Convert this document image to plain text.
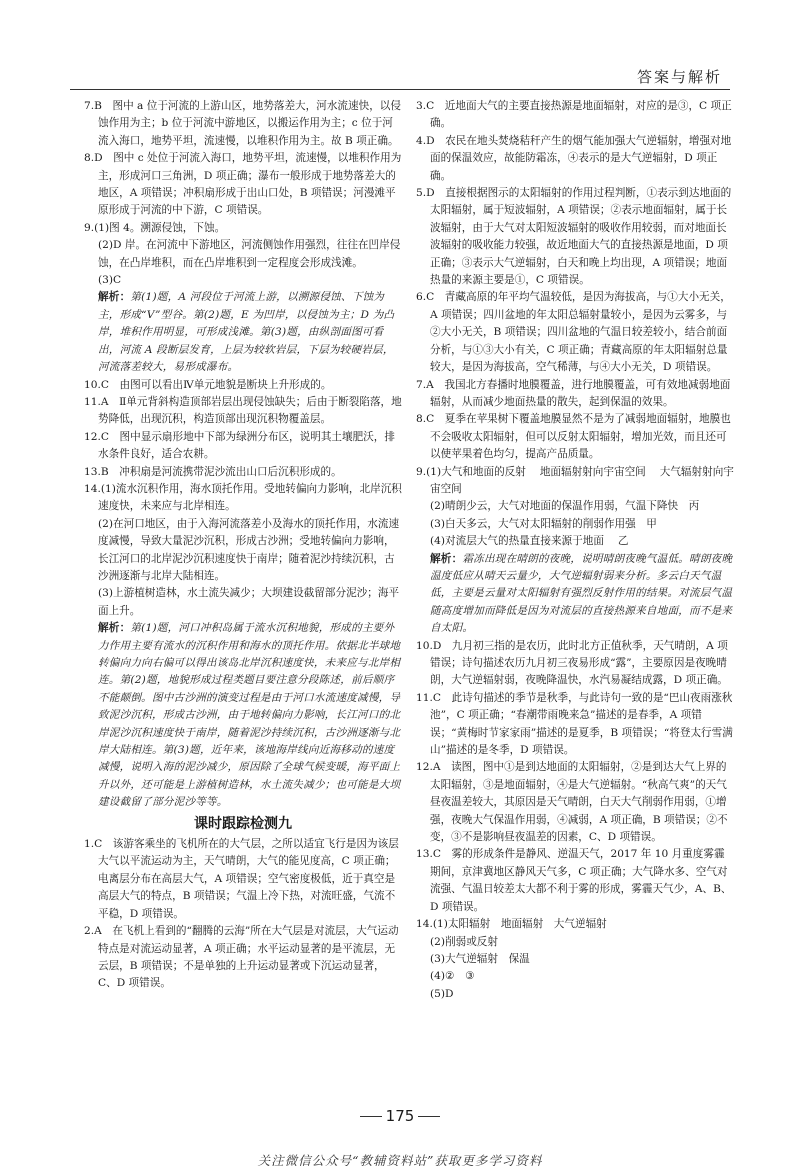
答案与解析

7.B　图中 a 位于河流的上游山区，地势落差大，河水流速快，以侵蚀作用为主；b 位于河流中游地区，以搬运作用为主；c 位于河流入海口，地势平坦，流速慢，以堆积作用为主。故 B 项正确。

8.D　图中 c 处位于河流入海口，地势平坦，流速慢，以堆积作用为主，形成河口三角洲，D 项正确；瀑布一般形成于地势落差大的地区，A 项错误；冲积扇形成于出山口处，B 项错误；河漫滩平原形成于河流的中下游，C 项错误。

9.(1)图 4。溯源侵蚀，下蚀。

(2)D 岸。在河流中下游地区，河流侧蚀作用强烈，往往在凹岸侵蚀，在凸岸堆积，而在凸岸堆积到一定程度会形成浅滩。

(3)C

解析：第(1)题，A 河段位于河流上游，以溯源侵蚀、下蚀为主，形成“V”型谷。第(2)题，E 为凹岸，以侵蚀为主；D 为凸岸，堆积作用明显，可形成浅滩。第(3)题，由纵剖面图可看出，河流 A 段断层发育，上层为较软岩层，下层为较硬岩层，河流落差较大，易形成瀑布。

10.C　由图可以看出Ⅳ单元地貌是断块上升形成的。

11.A　Ⅱ单元背斜构造顶部岩层出现侵蚀缺失；后由于断裂陷落，地势降低，出现沉积，构造顶部出现沉积物覆盖层。

12.C　图中显示扇形地中下部为绿洲分布区，说明其土壤肥沃，排水条件良好，适合农耕。

13.B　冲积扇是河流携带泥沙流出山口后沉积形成的。

14.(1)流水沉积作用，海水顶托作用。受地转偏向力影响，北岸沉积速度快，未来应与北岸相连。

(2)在河口地区，由于入海河流落差小及海水的顶托作用，水流速度减慢，导致大量泥沙沉积，形成古沙洲；受地转偏向力影响，长江河口的北岸泥沙沉积速度快于南岸；随着泥沙持续沉积，古沙洲逐渐与北岸大陆相连。

(3)上游植树造林，水土流失减少；大坝建设截留部分泥沙；海平面上升。

解析：第(1)题，河口冲积岛属于流水沉积地貌，形成的主要外力作用主要有流水的沉积作用和海水的顶托作用。依据北半球地转偏向力向右偏可以得出该岛北岸沉积速度快，未来应与北岸相连。第(2)题，地貌形成过程类题目要注意分段陈述，前后顺序不能颠倒。图中古沙洲的演变过程是由于河口水流速度减慢，导致泥沙沉积，形成古沙洲，由于地转偏向力影响，长江河口的北岸泥沙沉积速度快于南岸，随着泥沙持续沉积，古沙洲逐渐与北岸大陆相连。第(3)题，近年来，该地海岸线向近海移动的速度减慢，说明入海的泥沙减少，原因除了全球气候变暖，海平面上升以外，还可能是上游植树造林，水土流失减少；也可能是大坝建设截留了部分泥沙等等。

课时跟踪检测九

1.C　该游客乘坐的飞机所在的大气层，之所以适宜飞行是因为该层大气以平流运动为主，天气晴朗，大气的能见度高，C 项正确；电离层分布在高层大气，A 项错误；空气密度极低，近于真空是高层大气的特点，B 项错误；气温上冷下热，对流旺盛，气流不平稳，D 项错误。

2.A　在飞机上看到的“翻腾的云海”所在大气层是对流层，大气运动特点是对流运动显著，A 项正确；水平运动显著的是平流层，无云层，B 项错误；不是单独的上升运动显著或下沉运动显著，C、D 项错误。

3.C　近地面大气的主要直接热源是地面辐射，对应的是③，C 项正确。

4.D　农民在地头焚烧秸秆产生的烟气能加强大气逆辐射，增强对地面的保温效应，故能防霜冻，④表示的是大气逆辐射，D 项正确。

5.D　直接根据图示的太阳辐射的作用过程判断，①表示到达地面的太阳辐射，属于短波辐射，A 项错误；②表示地面辐射，属于长波辐射，由于大气对太阳短波辐射的吸收作用较弱，而对地面长波辐射的吸收能力较强，故近地面大气的直接热源是地面，D 项正确；③表示大气逆辐射，白天和晚上均出现，A 项错误；地面热量的来源主要是①，C 项错误。

6.C　青藏高原的年平均气温较低，是因为海拔高，与①大小无关，A 项错误；四川盆地的年太阳总辐射量较小，是因为云雾多，与②大小无关，B 项错误；四川盆地的气温日较差较小，结合前面分析，与①③大小有关，C 项正确；青藏高原的年太阳辐射总量较大，是因为海拔高，空气稀薄，与④大小无关，D 项错误。

7.A　我国北方春播时地膜覆盖，进行地膜覆盖，可有效地减弱地面辐射，从而减少地面热量的散失，起到保温的效果。

8.C　夏季在苹果树下覆盖地膜显然不是为了减弱地面辐射，地膜也不会吸收太阳辐射，但可以反射太阳辐射，增加光效，而且还可以使苹果着色均匀，提高产品质量。

9.(1)大气和地面的反射　 地面辐射射向宇宙空间　 大气辐射射向宇宙空间

(2)晴朗少云，大气对地面的保温作用弱，气温下降快　丙

(3)白天多云，大气对太阳辐射的削弱作用强　甲

(4)对流层大气的热量直接来源于地面　 乙

解析：霜冻出现在晴朗的夜晚，说明晴朗夜晚气温低。晴朗夜晚温度低应从晴天云量少，大气逆辐射弱来分析。多云白天气温低，主要是云量对太阳辐射有强烈反射作用的结果。对流层气温随高度增加而降低是因为对流层的直接热源来自地面，而不是来自太阳。

10.D　九月初三指的是农历，此时北方正值秋季，天气晴朗，A 项错误；诗句描述农历九月初三夜易形成“露”，主要原因是夜晚晴朗，大气逆辐射弱，夜晚降温快，水汽易凝结成露，D 项正确。

11.C　此诗句描述的季节是秋季，与此诗句一致的是“巴山夜雨涨秋池”，C 项正确；“春潮带雨晚来急”描述的是春季，A 项错误；“黄梅时节家家雨”描述的是夏季，B 项错误；“将登太行雪满山”描述的是冬季，D 项错误。

12.A　读图，图中①是到达地面的太阳辐射，②是到达大气上界的太阳辐射，③是地面辐射，④是大气逆辐射。“秋高气爽”的天气昼夜温差较大，其原因是天气晴朗，白天大气削弱作用弱，①增强，夜晚大气保温作用弱，④减弱，A 项正确，B 项错误；②不变，③不是影响昼夜温差的因素，C、D 项错误。

13.C　雾的形成条件是静风、逆温天气，2017 年 10 月重度雾霾期间，京津冀地区静风天气多，C 项正确；大气降水多、空气对流强、气温日较差太大都不利于雾的形成，雾霾天气少，A、B、D 项错误。

14.(1)太阳辐射　地面辐射　大气逆辐射

(2)削弱或反射

(3)大气逆辐射　保温

(4)②　③

(5)D

175
关注微信公众号“教辅资料站”获取更多学习资料
